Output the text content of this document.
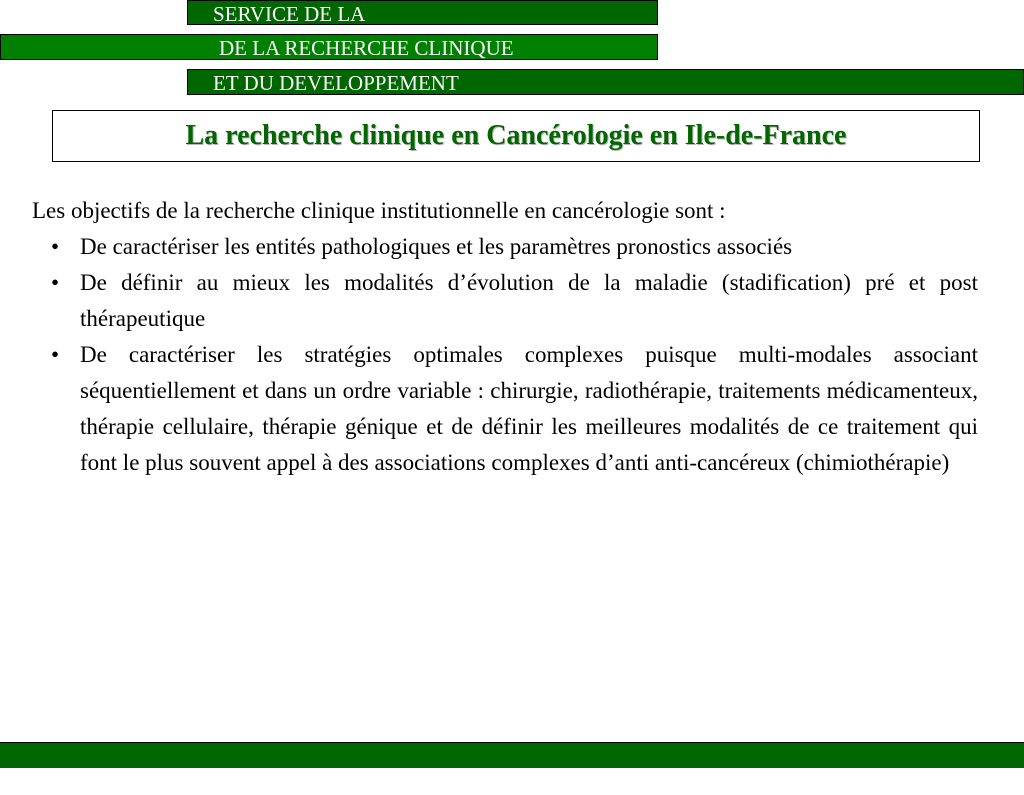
SERVICE DE LA
DE LA RECHERCHE CLINIQUE
ET DU DEVELOPPEMENT
La recherche clinique en Cancérologie en Ile-de-France

Les objectifs de la recherche clinique institutionnelle en cancérologie sont :

• De caractériser les entités pathologiques et les paramètres pronostics associés
• De définir au mieux les modalités d’évolution de la maladie (stadification) pré et post thérapeutique
• De caractériser les stratégies optimales complexes puisque multi-modales associant séquentiellement et dans un ordre variable : chirurgie, radiothérapie, traitements médicamenteux, thérapie cellulaire, thérapie génique et de définir les meilleures modalités de ce traitement qui font le plus souvent appel à des associations complexes d’anti anti-cancéreux (chimiothérapie)

Le 14 novembre 2003    - NB/FB/SM  - Page 1
